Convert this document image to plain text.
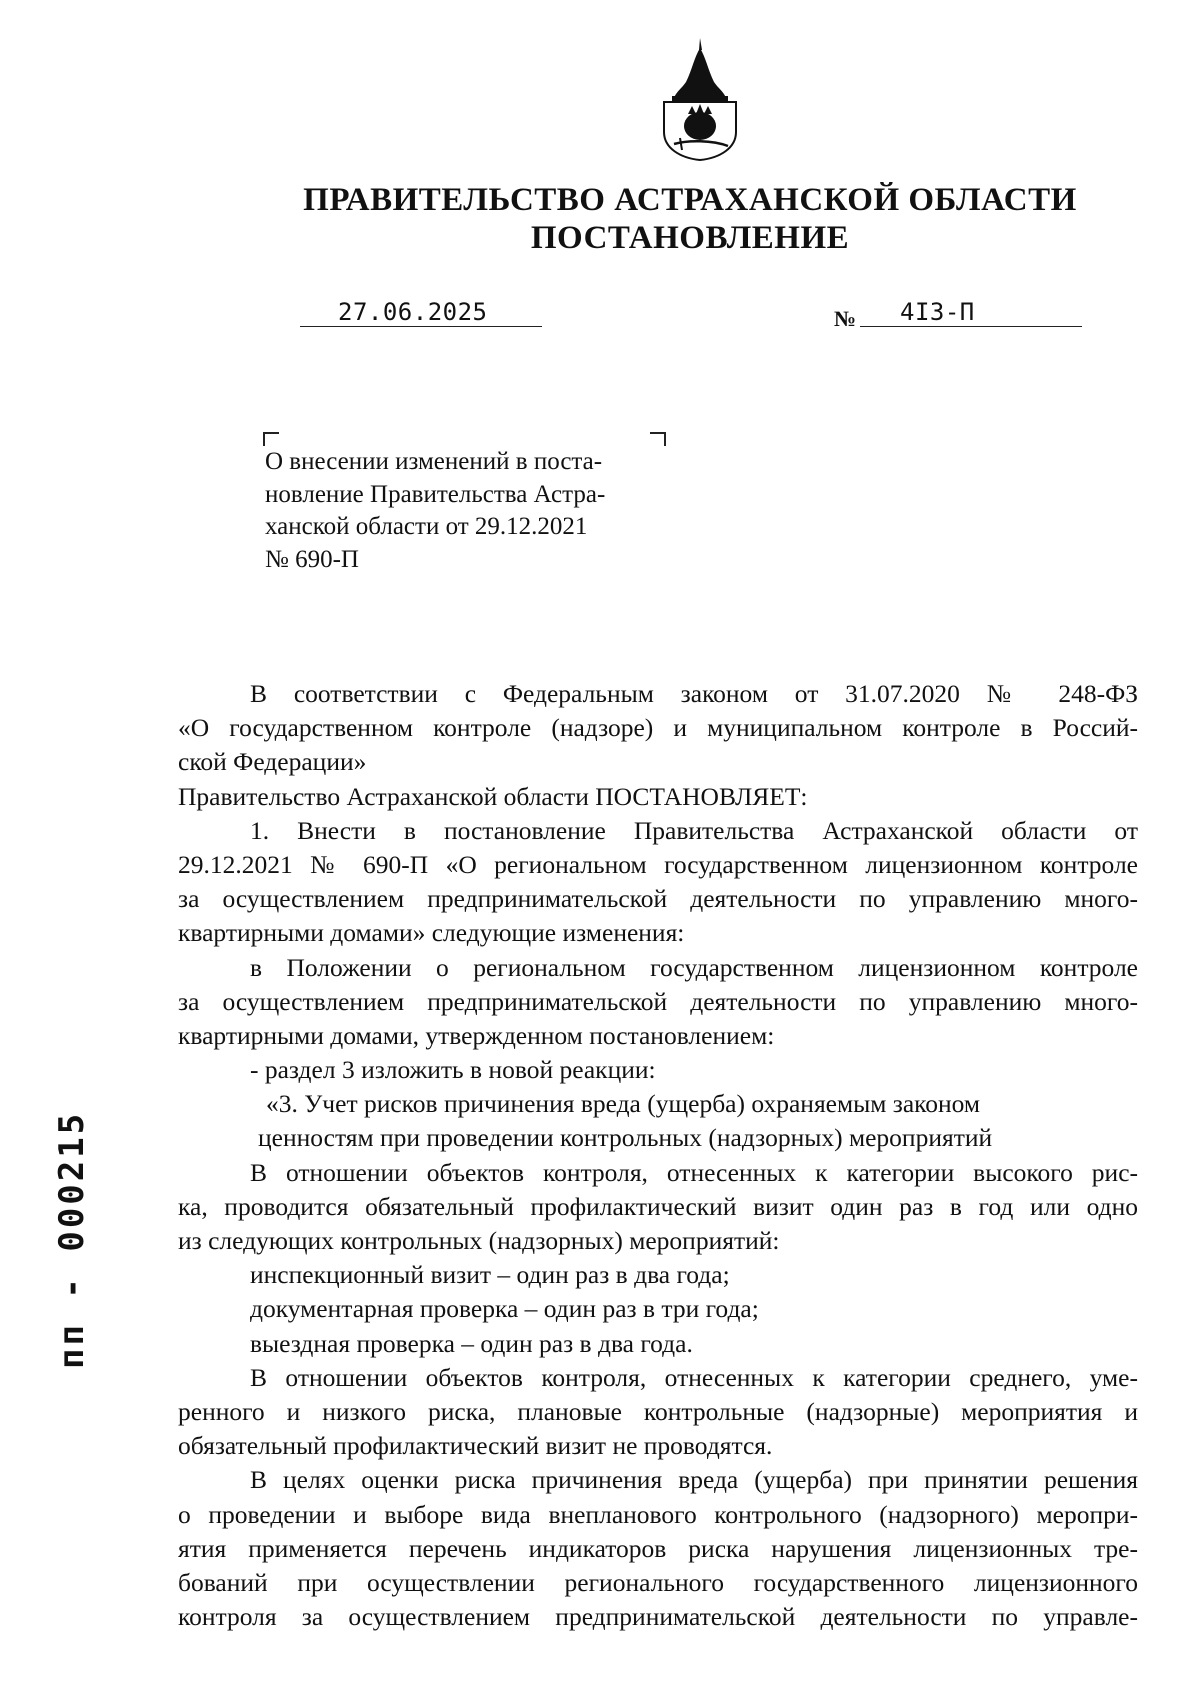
ПРАВИТЕЛЬСТВО АСТРАХАНСКОЙ ОБЛАСТИ
ПОСТАНОВЛЕНИЕ
27.06.2025	№ 4I3-П
О внесении изменений в поста-
новление Правительства Астра-
ханской области от 29.12.2021
№ 690-П
В соответствии с Федеральным законом от 31.07.2020 № 248-ФЗ
«О государственном контроле (надзоре) и муниципальном контроле в Россий-
ской Федерации»
Правительство Астраханской области ПОСТАНОВЛЯЕТ:
1. Внести в постановление Правительства Астраханской области от
29.12.2021 № 690-П «О региональном государственном лицензионном контроле
за осуществлением предпринимательской деятельности по управлению много-
квартирными домами» следующие изменения:
в Положении о региональном государственном лицензионном контроле
за осуществлением предпринимательской деятельности по управлению много-
квартирными домами, утвержденном постановлением:
- раздел 3 изложить в новой реакции:
«3. Учет рисков причинения вреда (ущерба) охраняемым законом
ценностям при проведении контрольных (надзорных) мероприятий
В отношении объектов контроля, отнесенных к категории высокого рис-
ка, проводится обязательный профилактический визит один раз в год или одно
из следующих контрольных (надзорных) мероприятий:
инспекционный визит – один раз в два года;
документарная проверка – один раз в три года;
выездная проверка – один раз в два года.
В отношении объектов контроля, отнесенных к категории среднего, уме-
ренного и низкого риска, плановые контрольные (надзорные) мероприятия и
обязательный профилактический визит не проводятся.
В целях оценки риска причинения вреда (ущерба) при принятии решения
о проведении и выборе вида внепланового контрольного (надзорного) меропри-
ятия применяется перечень индикаторов риска нарушения лицензионных тре-
бований при осуществлении регионального государственного лицензионного
контроля за осуществлением предпринимательской деятельности по управле-
пп - 000215
